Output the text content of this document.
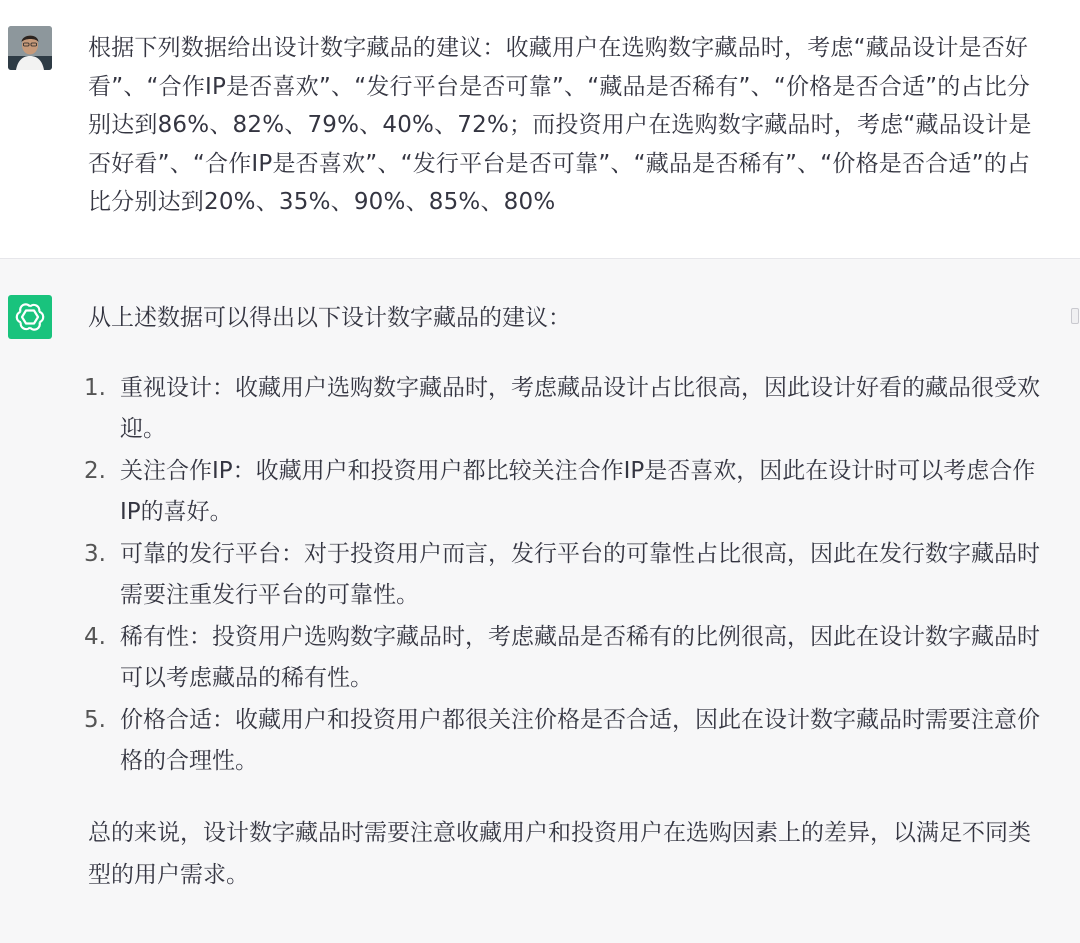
根据下列数据给出设计数字藏品的建议：收藏用户在选购数字藏品时，考虑“藏品设计是否好看”、“合作IP是否喜欢”、“发行平台是否可靠”、“藏品是否稀有”、“价格是否合适”的占比分别达到86%、82%、79%、40%、72%；而投资用户在选购数字藏品时，考虑“藏品设计是否好看”、“合作IP是否喜欢”、“发行平台是否可靠”、“藏品是否稀有”、“价格是否合适”的占比分别达到20%、35%、90%、85%、80%
从上述数据可以得出以下设计数字藏品的建议：
1. 重视设计：收藏用户选购数字藏品时，考虑藏品设计占比很高，因此设计好看的藏品很受欢迎。
2. 关注合作IP：收藏用户和投资用户都比较关注合作IP是否喜欢，因此在设计时可以考虑合作IP的喜好。
3. 可靠的发行平台：对于投资用户而言，发行平台的可靠性占比很高，因此在发行数字藏品时需要注重发行平台的可靠性。
4. 稀有性：投资用户选购数字藏品时，考虑藏品是否稀有的比例很高，因此在设计数字藏品时可以考虑藏品的稀有性。
5. 价格合适：收藏用户和投资用户都很关注价格是否合适，因此在设计数字藏品时需要注意价格的合理性。
总的来说，设计数字藏品时需要注意收藏用户和投资用户在选购因素上的差异，以满足不同类型的用户需求。
